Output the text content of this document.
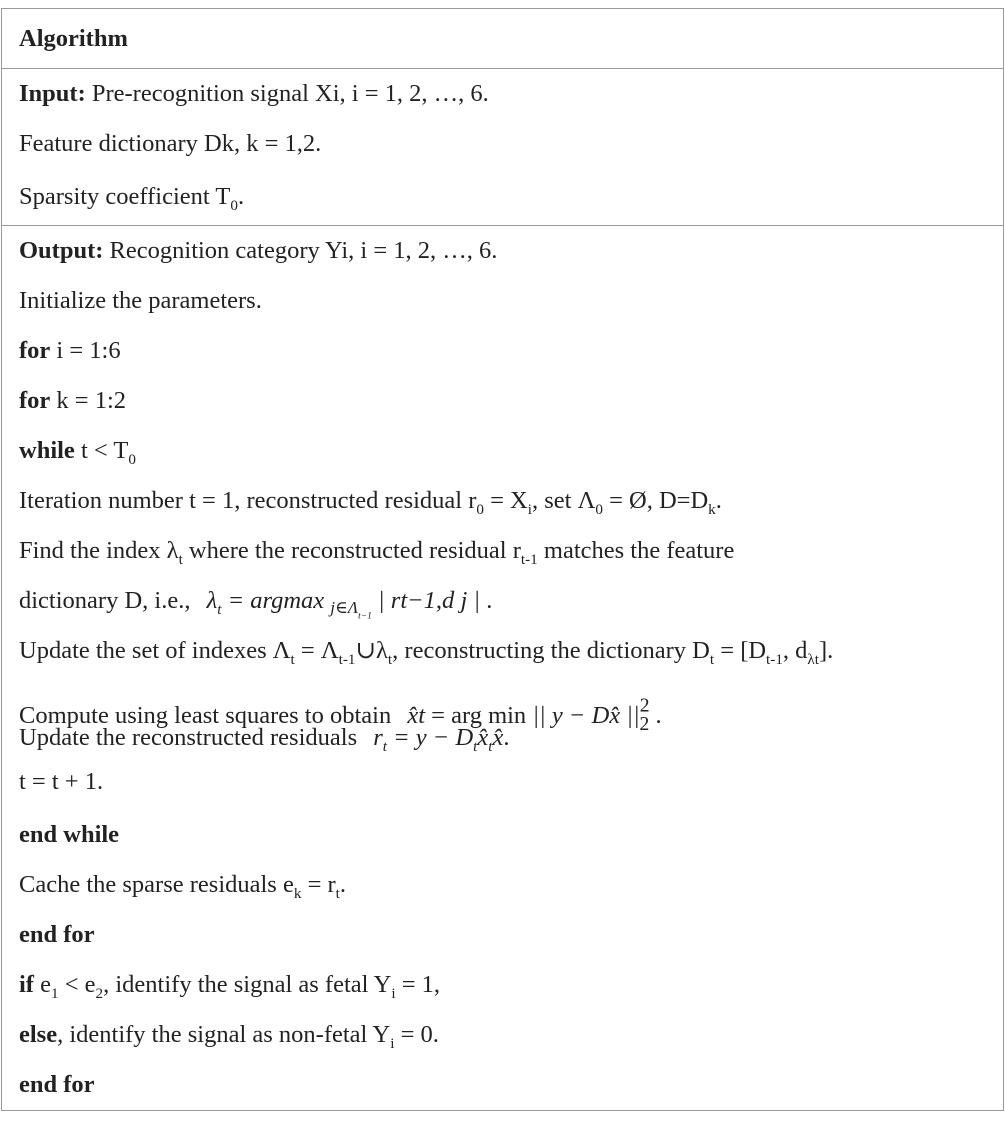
Algorithm
Input: Pre-recognition signal Xi, i = 1, 2, …, 6.
Feature dictionary Dk, k = 1,2.
Sparsity coefficient $T_0$.
Output: Recognition category Yi, i = 1, 2, …, 6.
Initialize the parameters.
for i = 1:6
for k = 1:2
while $t < T_0$
Iteration number t = 1, reconstructed residual $r_0 = X_i$, set $\Lambda_0$ = Ø, $D=D_k$.
Find the index $\lambda_t$ where the reconstructed residual $r_{t-1}$ matches the feature
dictionary D, i.e., $\lambda_t = argmax$ $_{j\in\Lambda_{t-1}}$ | rt−1,d j | .
Update the set of indexes $\Lambda_t$ = $\Lambda_{t-1}\cup\lambda_t$, reconstructing the dictionary $D_t = [D_{t-1}$, $d_{\lambda t}$].
Compute using least squares to obtain x̂t = arg min || y − Dx̂ $||^2_2$ .
Update the reconstructed residuals $r_t = y$ − $D_tx̂_tx̂$.
t = t + 1.
end while
Cache the sparse residuals $e_k = r_t$.
end for
if $e_1 < e_2$, identify the signal as fetal $Y_i = 1$,
else, identify the signal as non-fetal $Y_i = 0$.
end for
